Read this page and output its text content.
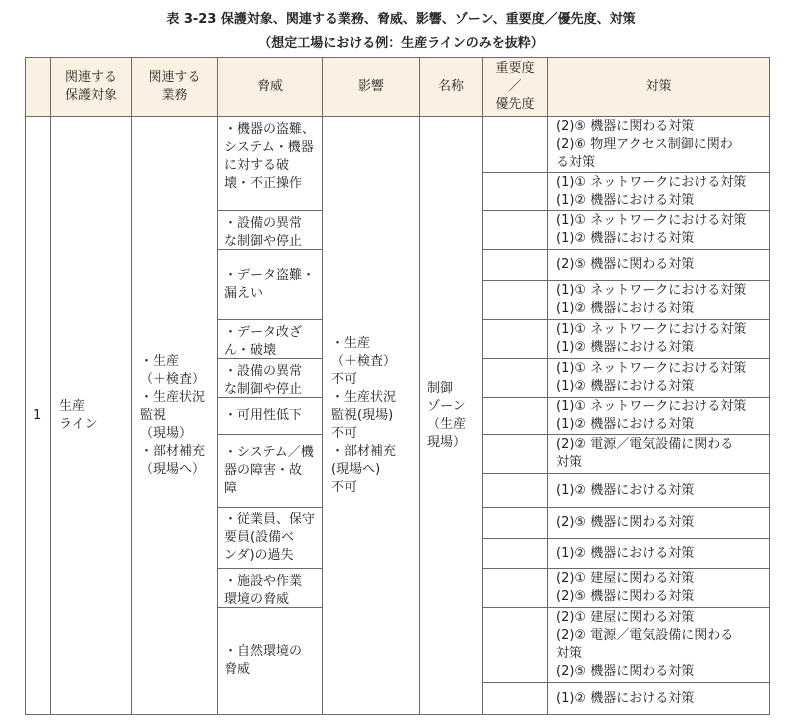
表 3-23 保護対象、関連する業務、脅威、影響、ゾーン、重要度／優先度、対策
（想定工場における例：生産ラインのみを抜粋）
関連する
保護対象
関連する
業務
脅威	影響	名称
重要度
／
優先度
対策
1
生産
ライン
・生産
（＋検査）
・生産状況
監視
（現場）
・部材補充
（現場へ）
・生産
（＋検査）
不可
・生産状況
監視(現場)
不可
・部材補充
(現場へ)
不可
制御
ゾーン
（生産
現場）
・機器の盗難、
システム・機器
に対する破
壊・不正操作
・設備の異常
な制御や停止
・データ盗難・
漏えい
・データ改ざ
ん・破壊
・設備の異常
な制御や停止
・可用性低下
・システム／機
器の障害・故
障
・従業員、保守
要員(設備ベ
ンダ)の過失
・施設や作業
環境の脅威
・自然環境の
脅威
(2)⑤ 機器に関わる対策
(2)⑥ 物理アクセス制御に関わ
る対策
(1)① ネットワークにおける対策
(1)② 機器における対策
(1)① ネットワークにおける対策
(1)② 機器における対策
(2)⑤ 機器に関わる対策
(1)① ネットワークにおける対策
(1)② 機器における対策
(1)① ネットワークにおける対策
(1)② 機器における対策
(1)① ネットワークにおける対策
(1)② 機器における対策
(1)① ネットワークにおける対策
(1)② 機器における対策
(2)② 電源／電気設備に関わる
対策
(1)② 機器における対策
(2)⑤ 機器に関わる対策
(1)② 機器における対策
(2)① 建屋に関わる対策
(2)⑤ 機器に関わる対策
(2)① 建屋に関わる対策
(2)② 電源／電気設備に関わる
対策
(2)⑤ 機器に関わる対策
(1)② 機器における対策
